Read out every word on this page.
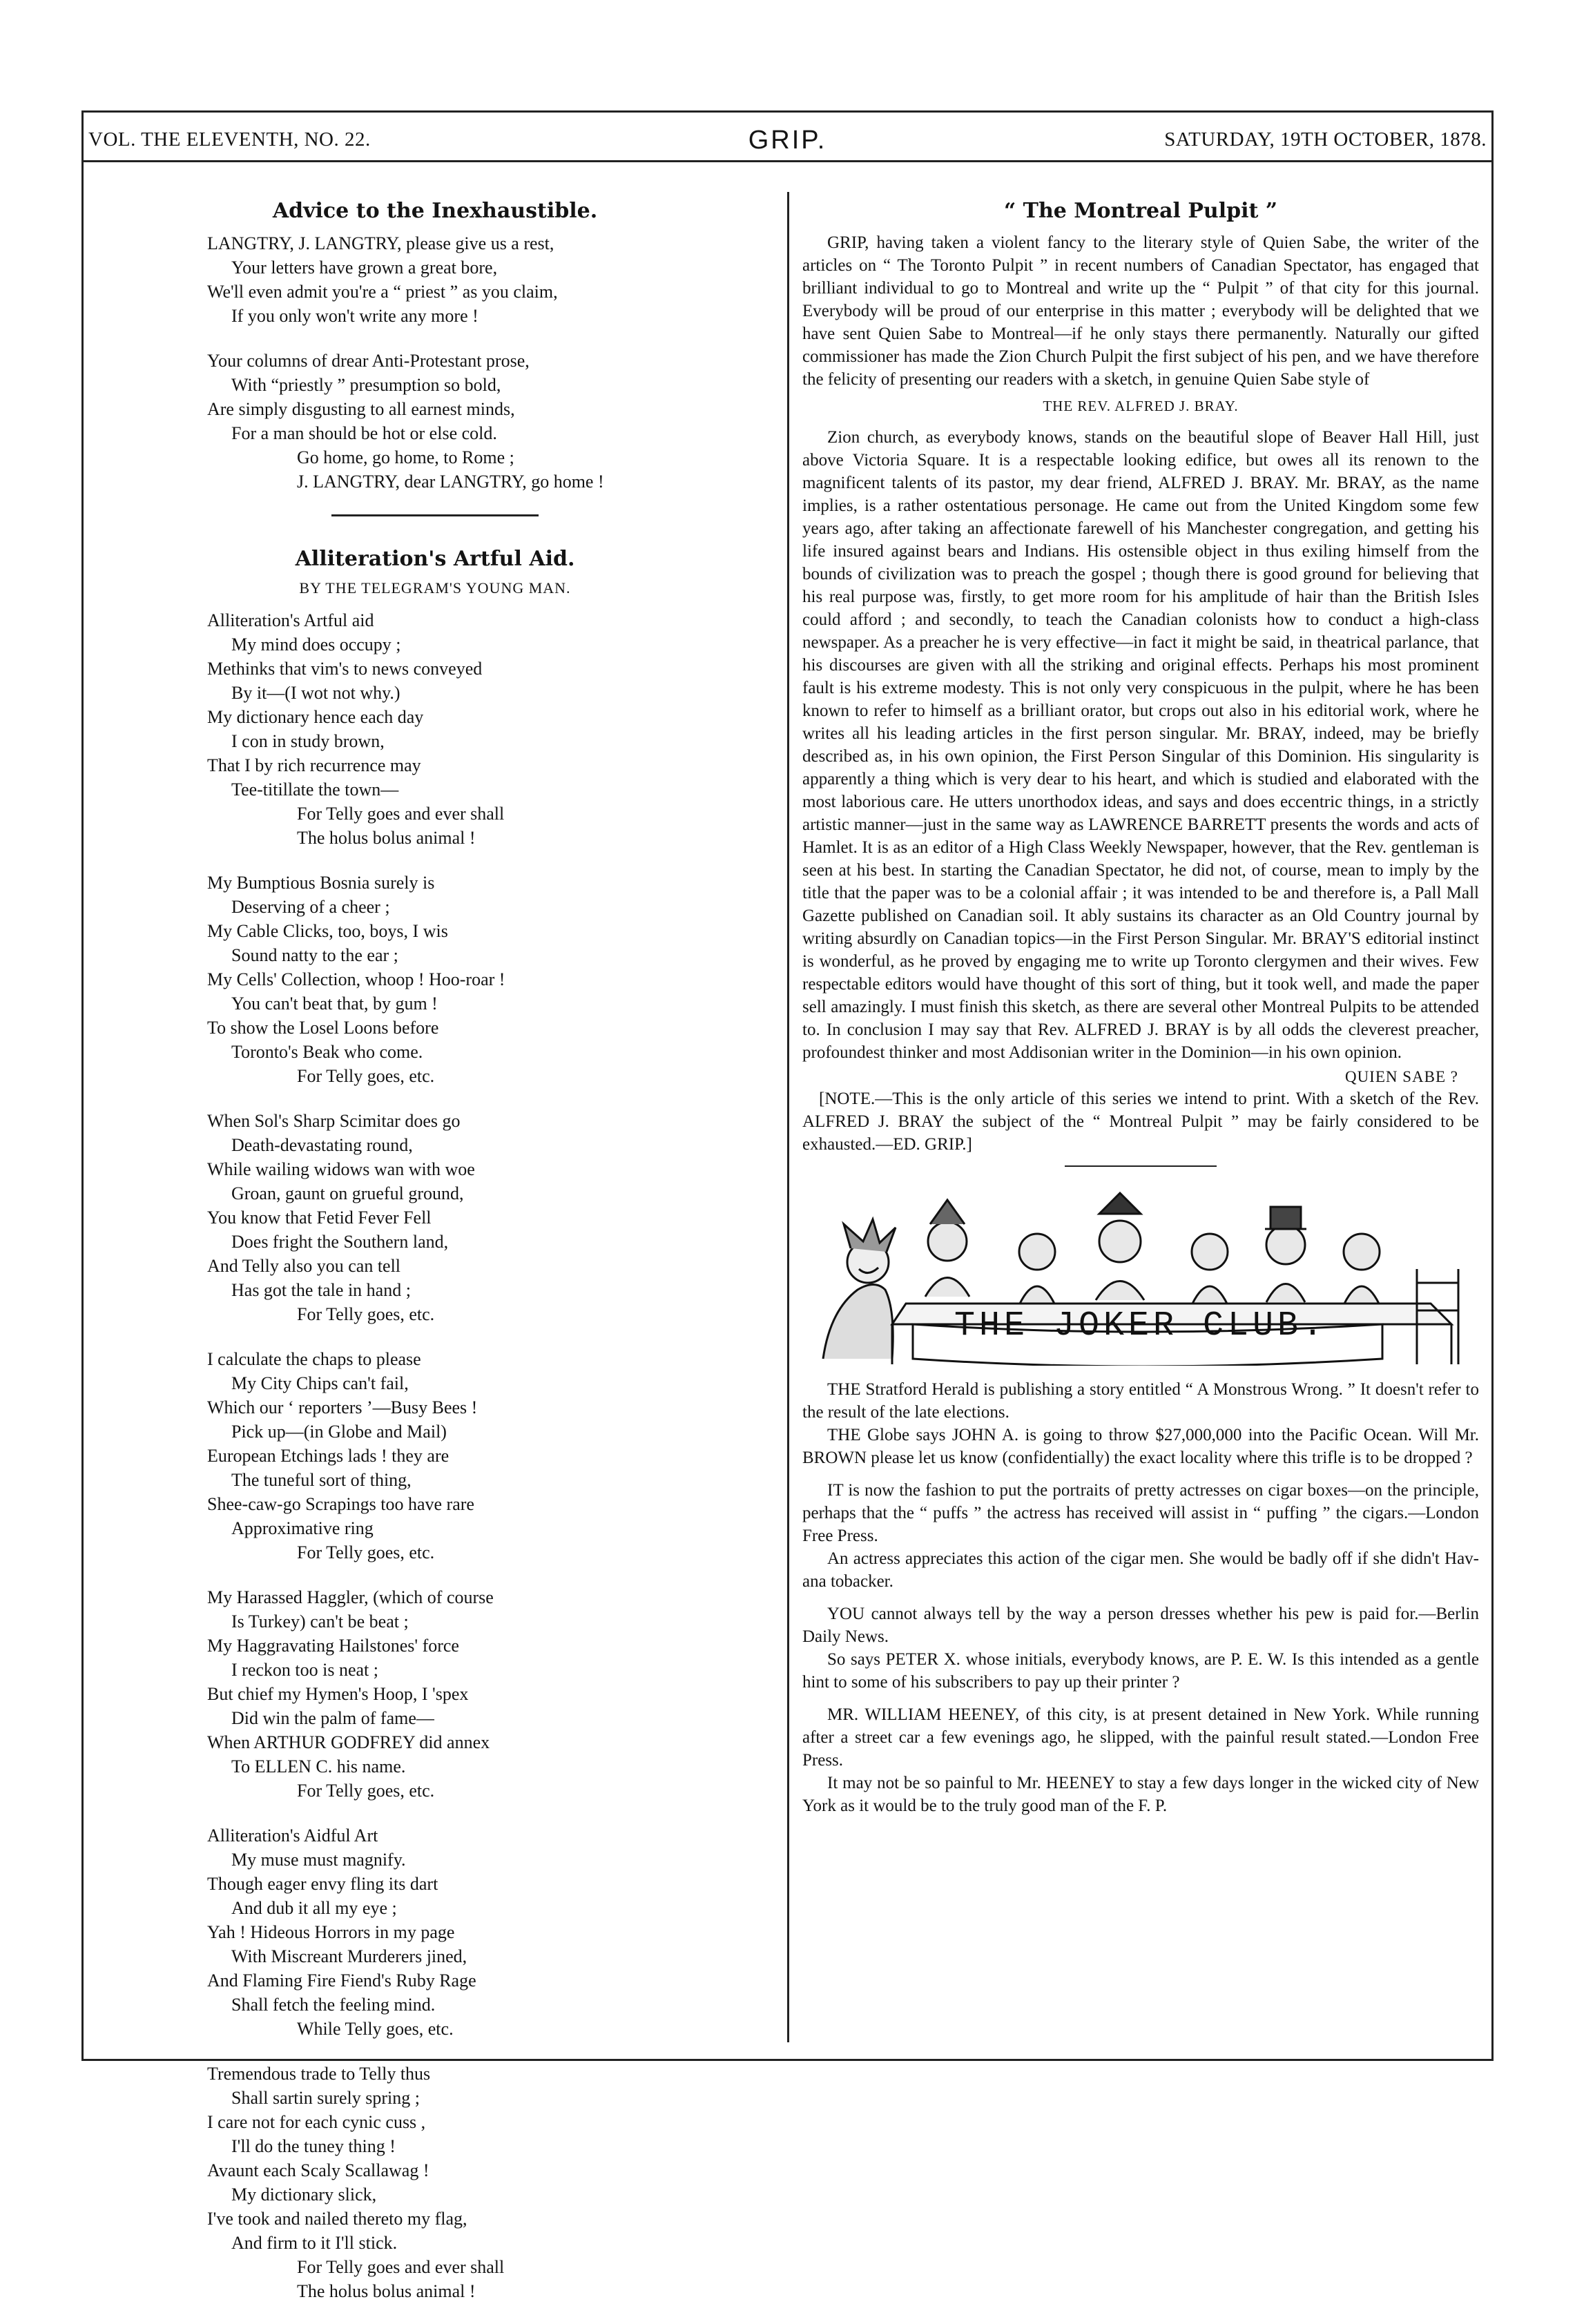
VOL. THE ELEVENTH, NO. 22.	GRIP.	SATURDAY, 19TH OCTOBER, 1878.
Advice to the Inexhaustible.
LANGTRY, J. LANGTRY, please give us a rest,
Your letters have grown a great bore,
We'll even admit you're a “ priest ” as you claim,
If you only won't write any more !
Your columns of drear Anti-Protestant prose,
With “priestly ” presumption so bold,
Are simply disgusting to all earnest minds,
For a man should be hot or else cold.
Go home, go home, to Rome ;
J. LANGTRY, dear LANGTRY, go home !
Alliteration's Artful Aid.
BY THE TELEGRAM'S YOUNG MAN.
Alliteration's Artful aid
My mind does occupy ;
Methinks that vim's to news conveyed
By it—(I wot not why.)
My dictionary hence each day
I con in study brown,
That I by rich recurrence may
Tee-titillate the town—
For Telly goes and ever shall
The holus bolus animal !
My Bumptious Bosnia surely is
Deserving of a cheer ;
My Cable Clicks, too, boys, I wis
Sound natty to the ear ;
My Cells' Collection, whoop ! Hoo-roar !
You can't beat that, by gum !
To show the Losel Loons before
Toronto's Beak who come.
For Telly goes, etc.
When Sol's Sharp Scimitar does go
Death-devastating round,
While wailing widows wan with woe
Groan, gaunt on grueful ground,
You know that Fetid Fever Fell
Does fright the Southern land,
And Telly also you can tell
Has got the tale in hand ;
For Telly goes, etc.
I calculate the chaps to please
My City Chips can't fail,
Which our ‘ reporters ’—Busy Bees !
Pick up—(in Globe and Mail)
European Etchings lads ! they are
The tuneful sort of thing,
Shee-caw-go Scrapings too have rare
Approximative ring
For Telly goes, etc.
My Harassed Haggler, (which of course
Is Turkey) can't be beat ;
My Haggravating Hailstones' force
I reckon too is neat ;
But chief my Hymen's Hoop, I 'spex
Did win the palm of fame—
When ARTHUR GODFREY did annex
To ELLEN C. his name.
For Telly goes, etc.
Alliteration's Aidful Art
My muse must magnify.
Though eager envy fling its dart
And dub it all my eye ;
Yah ! Hideous Horrors in my page
With Miscreant Murderers jined,
And Flaming Fire Fiend's Ruby Rage
Shall fetch the feeling mind.
While Telly goes, etc.
Tremendous trade to Telly thus
Shall sartin surely spring ;
I care not for each cynic cuss ,
I'll do the tuney thing !
Avaunt each Scaly Scallawag !
My dictionary slick,
I've took and nailed thereto my flag,
And firm to it I'll stick.
For Telly goes and ever shall
The holus bolus animal !
“ The Montreal Pulpit ”

GRIP, having taken a violent fancy to the literary style of Quien Sabe, the writer of the articles on “ The Toronto Pulpit ” in recent numbers of Canadian Spectator, has engaged that brilliant individual to go to Montreal and write up the “ Pulpit ” of that city for this journal. Everybody will be proud of our enterprise in this matter ; everybody will be delighted that we have sent Quien Sabe to Montreal—if he only stays there permanently. Naturally our gifted commissioner has made the Zion Church Pulpit the first subject of his pen, and we have therefore the felicity of presenting our readers with a sketch, in genuine Quien Sabe style of

THE REV. ALFRED J. BRAY.

Zion church, as everybody knows, stands on the beautiful slope of Beaver Hall Hill, just above Victoria Square. It is a respectable looking edifice, but owes all its renown to the magnificent talents of its pastor, my dear friend, ALFRED J. BRAY. Mr. BRAY, as the name implies, is a rather ostentatious personage. He came out from the United Kingdom some few years ago, after taking an affectionate farewell of his Manchester congregation, and getting his life insured against bears and Indians. His ostensible object in thus exiling himself from the bounds of civilization was to preach the gospel ; though there is good ground for believing that his real purpose was, firstly, to get more room for his amplitude of hair than the British Isles could afford ; and secondly, to teach the Canadian colonists how to conduct a high-class newspaper. As a preacher he is very effective—in fact it might be said, in theatrical parlance, that his discourses are given with all the striking and original effects. Perhaps his most prominent fault is his extreme modesty. This is not only very conspicuous in the pulpit, where he has been known to refer to himself as a brilliant orator, but crops out also in his editorial work, where he writes all his leading articles in the first person singular. Mr. BRAY, indeed, may be briefly described as, in his own opinion, the First Person Singular of this Dominion. His singularity is apparently a thing which is very dear to his heart, and which is studied and elaborated with the most laborious care. He utters unorthodox ideas, and says and does eccentric things, in a strictly artistic manner—just in the same way as LAWRENCE BARRETT presents the words and acts of Hamlet. It is as an editor of a High Class Weekly Newspaper, however, that the Rev. gentleman is seen at his best. In starting the Canadian Spectator, he did not, of course, mean to imply by the title that the paper was to be a colonial affair ; it was intended to be and therefore is, a Pall Mall Gazette published on Canadian soil. It ably sustains its character as an Old Country journal by writing absurdly on Canadian topics—in the First Person Singular. Mr. BRAY'S editorial instinct is wonderful, as he proved by engaging me to write up Toronto clergymen and their wives. Few respectable editors would have thought of this sort of thing, but it took well, and made the paper sell amazingly. I must finish this sketch, as there are several other Montreal Pulpits to be attended to. In conclusion I may say that Rev. ALFRED J. BRAY is by all odds the cleverest preacher, profoundest thinker and most Addisonian writer in the Dominion—in his own opinion.

QUIEN SABE ?

[NOTE.—This is the only article of this series we intend to print. With a sketch of the Rev. ALFRED J. BRAY the subject of the “ Montreal Pulpit ” may be fairly considered to be exhausted.—ED. GRIP.]

THE JOKER CLUB.

THE Stratford Herald is publishing a story entitled “ A Monstrous Wrong. ” It doesn't refer to the result of the late elections.

THE Globe says JOHN A. is going to throw $27,000,000 into the Pacific Ocean. Will Mr. BROWN please let us know (confidentially) the exact locality where this trifle is to be dropped ?

IT is now the fashion to put the portraits of pretty actresses on cigar boxes—on the principle, perhaps that the “ puffs ” the actress has received will assist in “ puffing ” the cigars.—London Free Press.

An actress appreciates this action of the cigar men. She would be badly off if she didn't Hav-ana tobacker.

YOU cannot always tell by the way a person dresses whether his pew is paid for.—Berlin Daily News.

So says PETER X. whose initials, everybody knows, are P. E. W. Is this intended as a gentle hint to some of his subscribers to pay up their printer ?

MR. WILLIAM HEENEY, of this city, is at present detained in New York. While running after a street car a few evenings ago, he slipped, with the painful result stated.—London Free Press.

It may not be so painful to Mr. HEENEY to stay a few days longer in the wicked city of New York as it would be to the truly good man of the F. P.
